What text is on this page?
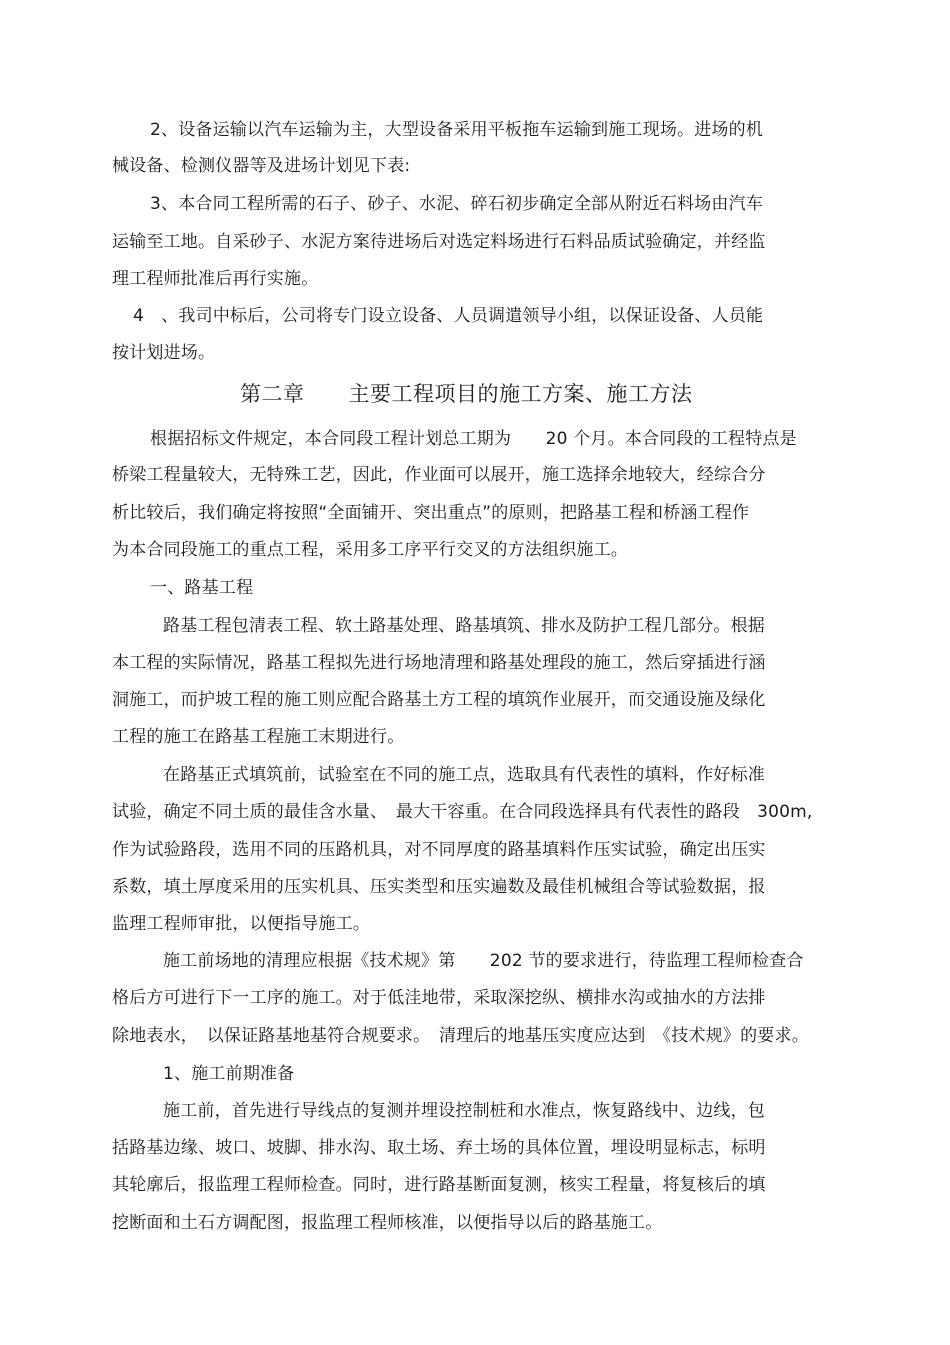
2、设备运输以汽车运输为主，大型设备采用平板拖车运输到施工现场。进场的机
械设备、检测仪器等及进场计划见下表:
3、本合同工程所需的石子、砂子、水泥、碎石初步确定全部从附近石料场由汽车
运输至工地。自采砂子、水泥方案待进场后对选定料场进行石料品质试验确定，并经监
理工程师批准后再行实施。
4　、我司中标后，公司将专门设立设备、人员调遣领导小组，以保证设备、人员能
按计划进场。
第二章 主要工程项目的施工方案、施工方法
根据招标文件规定，本合同段工程计划总工期为　　20 个月。本合同段的工程特点是
桥梁工程量较大，无特殊工艺，因此，作业面可以展开，施工选择余地较大，经综合分
析比较后，我们确定将按照“全面铺开、突出重点”的原则，把路基工程和桥涵工程作
为本合同段施工的重点工程，采用多工序平行交叉的方法组织施工。
一、路基工程
路基工程包清表工程、软土路基处理、路基填筑、排水及防护工程几部分。根据
本工程的实际情况，路基工程拟先进行场地清理和路基处理段的施工，然后穿插进行涵
洞施工，而护坡工程的施工则应配合路基土方工程的填筑作业展开，而交通设施及绿化
工程的施工在路基工程施工末期进行。
在路基正式填筑前，试验室在不同的施工点，选取具有代表性的填料，作好标准
试验，确定不同土质的最佳含水量、　最大干容重。在合同段选择具有代表性的路段　300m,
作为试验路段，选用不同的压路机具，对不同厚度的路基填料作压实试验，确定出压实
系数，填土厚度采用的压实机具、压实类型和压实遍数及最佳机械组合等试验数据，报
监理工程师审批，以便指导施工。
施工前场地的清理应根据《技术规》第　　202 节的要求进行，待监理工程师检查合
格后方可进行下一工序的施工。对于低洼地带，采取深挖纵、横排水沟或抽水的方法排
除地表水，　以保证路基地基符合规要求。　清理后的地基压实度应达到　《技术规》的要求。
1、施工前期准备
施工前，首先进行导线点的复测并埋设控制桩和水准点，恢复路线中、边线，包
括路基边缘、坡口、坡脚、排水沟、取土场、弃土场的具体位置，埋设明显标志，标明
其轮廓后，报监理工程师检查。同时，进行路基断面复测，核实工程量，将复核后的填
挖断面和土石方调配图，报监理工程师核准，以便指导以后的路基施工。
